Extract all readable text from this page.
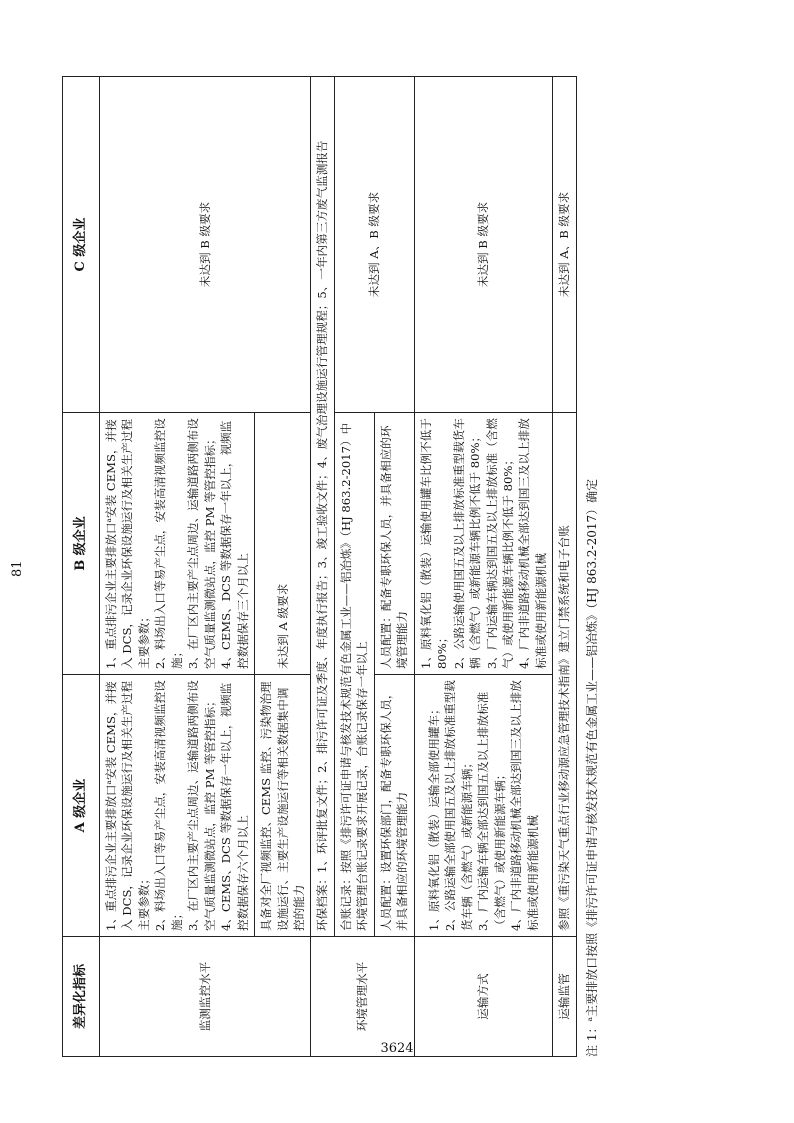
3624
差异化指标	A 级企业	B 级企业	C 级企业
监测监控水平	1、重点排污企业主要排放口ᵃ安装 CEMS，并接入 DCS，记录企业环保设施运行及相关生产过程主要参数；
2、料场出入口等易产尘点，安装高清视频监控设施；
3、在厂区内主要产尘点周边、运输道路两侧布设空气质量监测微站点，监控 PM 等管控指标；
4、CEMS、DCS 等数据保存一年以上，视频监控数据保存六个月以上	1、重点排污企业主要排放口ᵃ安装 CEMS，并接入 DCS，记录企业环保设施运行及相关生产过程主要参数；
2、料场出入口等易产尘点，安装高清视频监控设施；
3、在厂区内主要产尘点周边、运输道路两侧布设空气质量监测微站点，监控 PM 等管控指标；
4、CEMS、DCS 等数据保存一年以上，视频监控数据保存三个月以上	未达到 B 级要求
	具备对全厂视频监控、CEMS 监控、污染物治理设施运行、主要生产设施运行等相关数据集中调控的能力	未达到 A 级要求	
环境管理水平	环保档案：1、环评批复文件；2、排污许可证及季度、年度执行报告；3、竣工验收文件；4、废气治理设施运行管理规程；5、一年内第三方废气监测报告		
	台账记录：按照《排污许可证申请与核发技术规范有色金属工业——铝冶炼》（HJ 863.2-2017）中环境管理台账记录要求开展记录，台账记录保存一年以上		未达到 A、B 级要求
	人员配置：设置环保部门，配备专职环保人员，并具备相应的环境管理能力	人员配置：配备专职环保人员，并具备相应的环境管理能力	
运输方式	1、原料氧化铝（散装）运输全部使用罐车；
2、公路运输全部使用国五及以上排放标准重型载货车辆（含燃气）或新能源车辆；
3、厂内运输车辆全部达到国五及以上排放标准（含燃气）或使用新能源车辆；
4、厂内非道路移动机械全部达到国三及以上排放标准或使用新能源机械	1、原料氧化铝（散装）运输使用罐车比例不低于 80%；
2、公路运输使用国五及以上排放标准重型载货车辆（含燃气）或新能源车辆比例不低于 80%；
3、厂内运输车辆达到国五及以上排放标准（含燃气）或使用新能源车辆比例不低于 80%；
4、厂内非道路移动机械全部达到国三及以上排放标准或使用新能源机械	未达到 B 级要求
运输监管	参照《重污染天气重点行业移动源应急管理技术指南》建立门禁系统和电子台账		未达到 A、B 级要求
注 1：ᵃ主要排放口按照《排污许可证申请与核发技术规范有色金属工业——铝冶炼》（HJ 863.2-2017）确定
81
